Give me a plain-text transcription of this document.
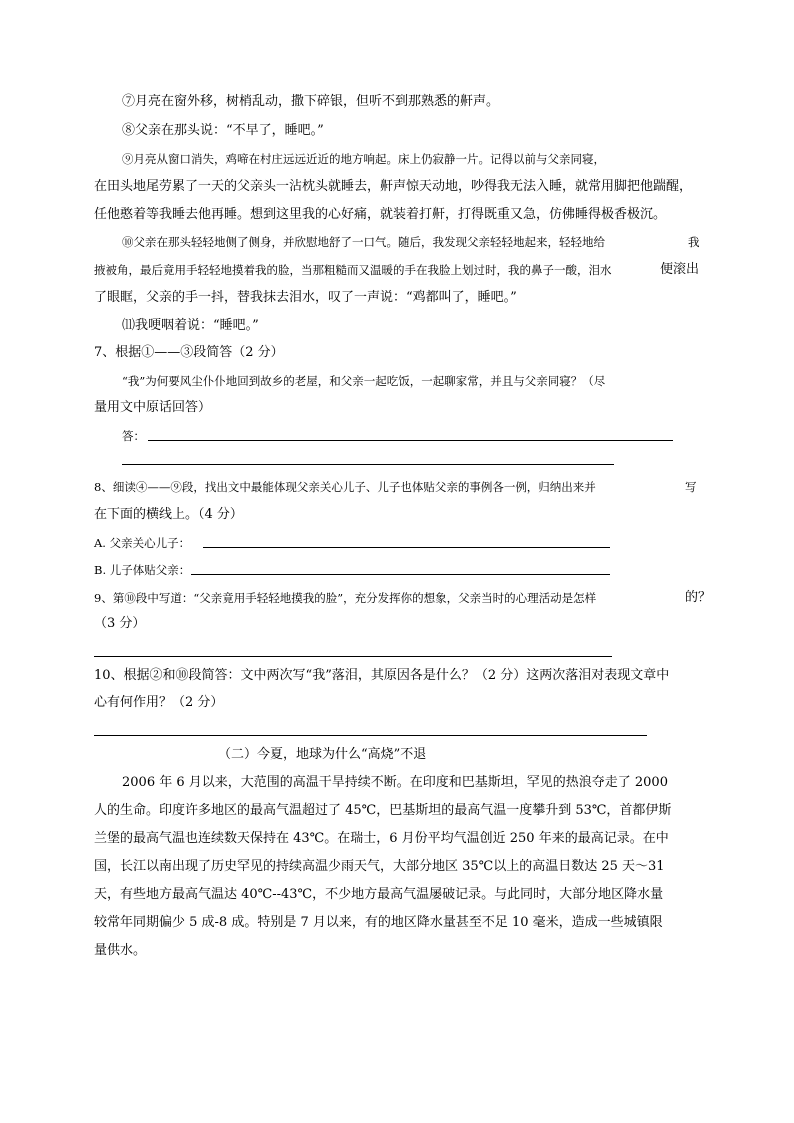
⑦月亮在窗外移，树梢乱动，撒下碎银，但听不到那熟悉的鼾声。
⑧父亲在那头说：“不早了，睡吧。”
⑨月亮从窗口消失，鸡啼在村庄远远近近的地方响起。床上仍寂静一片。记得以前与父亲同寝，
在田头地尾劳累了一天的父亲头一沾枕头就睡去，鼾声惊天动地，吵得我无法入睡，就常用脚把他踹醒，
任他憨着等我睡去他再睡。想到这里我的心好痛，就装着打鼾，打得既重又急，仿佛睡得极香极沉。
⑩父亲在那头轻轻地侧了侧身，并欣慰地舒了一口气。随后，我发现父亲轻轻地起来，轻轻地给	我
掖被角，最后竟用手轻轻地摸着我的脸，当那粗糙而又温暖的手在我脸上划过时，我的鼻子一酸，泪水	便滚出
了眼眶，父亲的手一抖，替我抹去泪水，叹了一声说：“鸡都叫了，睡吧。”
⑾我哽咽着说：“睡吧。”
7、根据①——③段简答（2 分）
“我”为何要风尘仆仆地回到故乡的老屋，和父亲一起吃饭，一起聊家常，并且与父亲同寝？（尽
量用文中原话回答）
答：
8、细读④——⑨段，找出文中最能体现父亲关心儿子、儿子也体贴父亲的事例各一例，归纳出来并	写
在下面的横线上。（4 分）
A. 父亲关心儿子：
B. 儿子体贴父亲：
9、第⑩段中写道：“父亲竟用手轻轻地摸我的脸”，充分发挥你的想象，父亲当时的心理活动是怎样	的？
（3 分）
10、根据②和⑩段简答：文中两次写“我”落泪，其原因各是什么？（2 分）这两次落泪对表现文章中
心有何作用？（2 分）
（二）今夏，地球为什么“高烧”不退
2006 年 6 月以来，大范围的高温干旱持续不断。在印度和巴基斯坦，罕见的热浪夺走了 2000
人的生命。印度许多地区的最高气温超过了 45℃，巴基斯坦的最高气温一度攀升到 53℃，首都伊斯
兰堡的最高气温也连续数天保持在 43℃。在瑞士，6 月份平均气温创近 250 年来的最高记录。在中
国，长江以南出现了历史罕见的持续高温少雨天气，大部分地区 35℃以上的高温日数达 25 天～31
天，有些地方最高气温达 40℃--43℃，不少地方最高气温屡破记录。与此同时，大部分地区降水量
较常年同期偏少 5 成-8 成。特别是 7 月以来，有的地区降水量甚至不足 10 毫米，造成一些城镇限
量供水。
